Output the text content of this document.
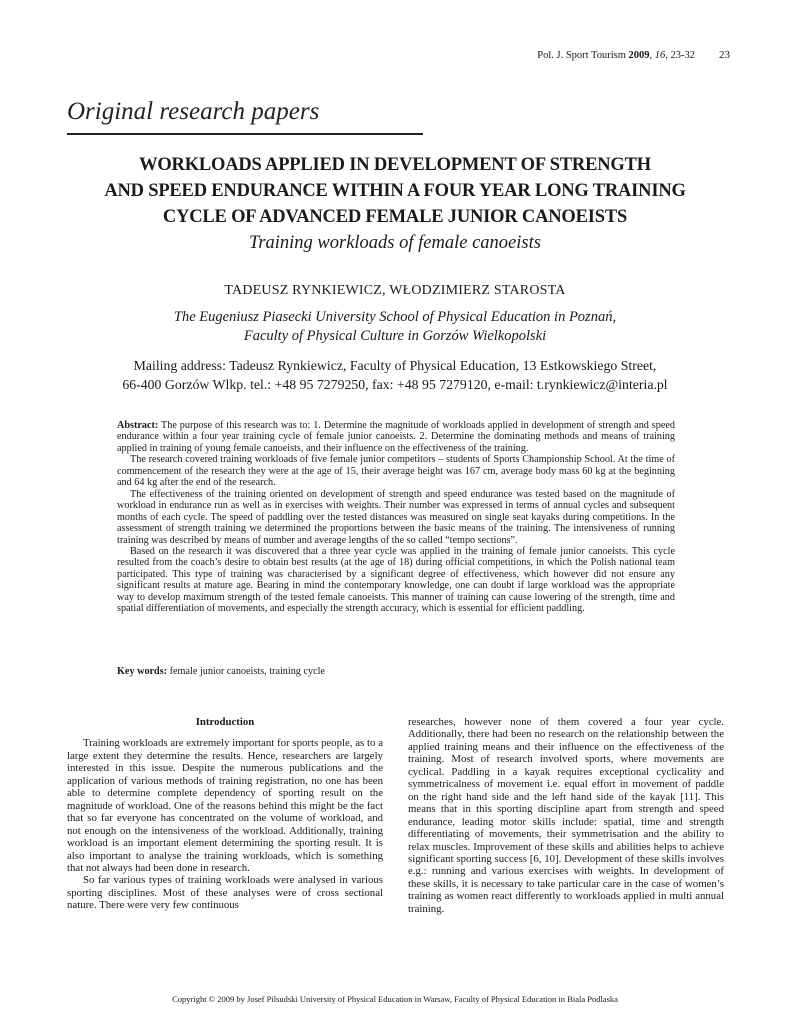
Pol. J. Sport Tourism 2009, 16, 23-32	23
Original research papers
WORKLOADS APPLIED IN DEVELOPMENT OF STRENGTH
AND SPEED ENDURANCE WITHIN A FOUR YEAR LONG TRAINING
CYCLE OF ADVANCED FEMALE JUNIOR CANOEISTS
Training workloads of female canoeists
TADEUSZ RYNKIEWICZ, WŁODZIMIERZ STAROSTA
The Eugeniusz Piasecki University School of Physical Education in Poznań,
Faculty of Physical Culture in Gorzów Wielkopolski
Mailing address: Tadeusz Rynkiewicz, Faculty of Physical Education, 13 Estkowskiego Street,
66-400 Gorzów Wlkp. tel.: +48 95 7279250, fax: +48 95 7279120, e-mail: t.rynkiewicz@interia.pl

Abstract: The purpose of this research was to: 1. Determine the magnitude of workloads applied in development of strength and speed endurance within a four year training cycle of female junior canoeists. 2. Determine the dominating methods and means of training applied in training of young female canoeists, and their influence on the effectiveness of the training.

The research covered training workloads of five female junior competitors – students of Sports Championship School. At the time of commencement of the research they were at the age of 15, their average height was 167 cm, average body mass 60 kg at the beginning and 64 kg after the end of the research.

The effectiveness of the training oriented on development of strength and speed endurance was tested based on the magnitude of workload in endurance run as well as in exercises with weights. Their number was expressed in terms of annual cycles and subsequent months of each cycle. The speed of paddling over the tested distances was measured on single seat kayaks during competitions. In the assessment of strength training we determined the proportions between the basic means of the training. The intensiveness of running training was described by means of number and average lengths of the so called “tempo sections”.

Based on the research it was discovered that a three year cycle was applied in the training of female junior canoeists. This cycle resulted from the coach’s desire to obtain best results (at the age of 18) during official competitions, in which the Polish national team participated. This type of training was characterised by a significant degree of effectiveness, which however did not ensure any significant results at mature age. Bearing in mind the contemporary knowledge, one can doubt if large workload was the appropriate way to develop maximum strength of the tested female canoeists. This manner of training can cause lowering of the strength, time and spatial differentiation of movements, and especially the strength accuracy, which is essential for efficient paddling.

Key words: female junior canoeists, training cycle
Introduction

Training workloads are extremely important for sports people, as to a large extent they determine the results. Hence, researchers are largely interested in this issue. Despite the numerous publications and the application of various methods of training registration, no one has been able to determine complete dependency of sporting result on the magnitude of workload. One of the reasons behind this might be the fact that so far everyone has concentrated on the volume of workload, and not enough on the intensiveness of the workload. Additionally, training workload is an important element determining the sporting result. It is also important to analyse the training workloads, which is something that not always had been done in research.

So far various types of training workloads were analysed in various sporting disciplines. Most of these analyses were of cross sectional nature. There were very few continuous

researches, however none of them covered a four year cycle. Additionally, there had been no research on the relationship between the applied training means and their influence on the effectiveness of the training. Most of research involved sports, where movements are cyclical. Paddling in a kayak requires exceptional cyclicality and symmetricalness of movement i.e. equal effort in movement of paddle on the right hand side and the left hand side of the kayak [11]. This means that in this sporting discipline apart from strength and speed endurance, leading motor skills include: spatial, time and strength differentiating of movements, their symmetrisation and the ability to relax muscles. Improvement of these skills and abilities helps to achieve significant sporting success [6, 10]. Development of these skills involves e.g.: running and various exercises with weights. In development of these skills, it is necessary to take particular care in the case of women’s training as women react differently to workloads applied in multi annual training.

Copyright © 2009 by Josef Pilsudski University of Physical Education in Warsaw, Faculty of Physical Education in Biala Podlaska
